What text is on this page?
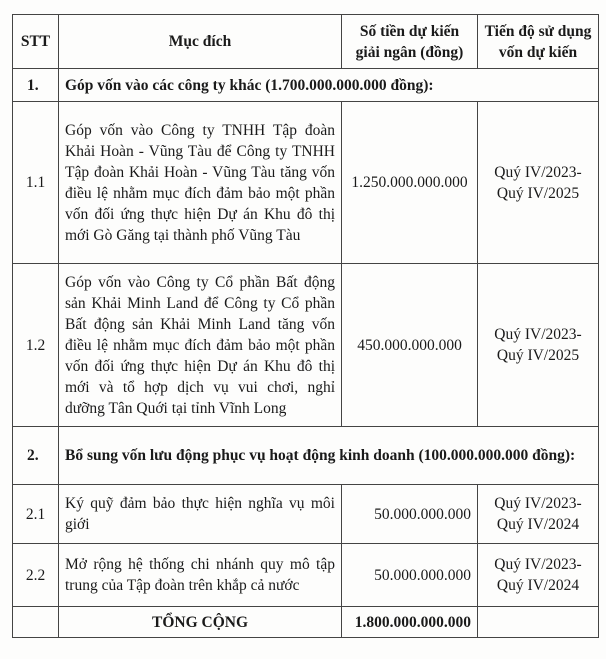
STT	Mục đích	Số tiền dự kiến giải ngân (đồng)	Tiến độ sử dụng vốn dự kiến
1.	Góp vốn vào các công ty khác (1.700.000.000.000 đồng):		
1.1	Góp vốn vào Công ty TNHH Tập đoàn Khải Hoàn - Vũng Tàu để Công ty TNHH Tập đoàn Khải Hoàn - Vũng Tàu tăng vốn điều lệ nhằm mục đích đảm bảo một phần vốn đối ứng thực hiện Dự án Khu đô thị mới Gò Găng tại thành phố Vũng Tàu	1.250.000.000.000	Quý IV/2023-
Quý IV/2025

1.2	Góp vốn vào Công ty Cổ phần Bất động sản Khải Minh Land để Công ty Cổ phần Bất động sản Khải Minh Land tăng vốn điều lệ nhằm mục đích đảm bảo một phần vốn đối ứng thực hiện Dự án Khu đô thị mới và tổ hợp dịch vụ vui chơi, nghỉ dưỡng Tân Quới tại tỉnh Vĩnh Long	450.000.000.000	Quý IV/2023-
Quý IV/2025

2.	Bổ sung vốn lưu động phục vụ hoạt động kinh doanh (100.000.000.000 đồng):		
2.1	Ký quỹ đảm bảo thực hiện nghĩa vụ môi giới	50.000.000.000	Quý IV/2023-
Quý IV/2024

2.2	Mở rộng hệ thống chi nhánh quy mô tập trung của Tập đoàn trên khắp cả nước	50.000.000.000	Quý IV/2023-
Quý IV/2024

	TỔNG CỘNG	1.800.000.000.000	
